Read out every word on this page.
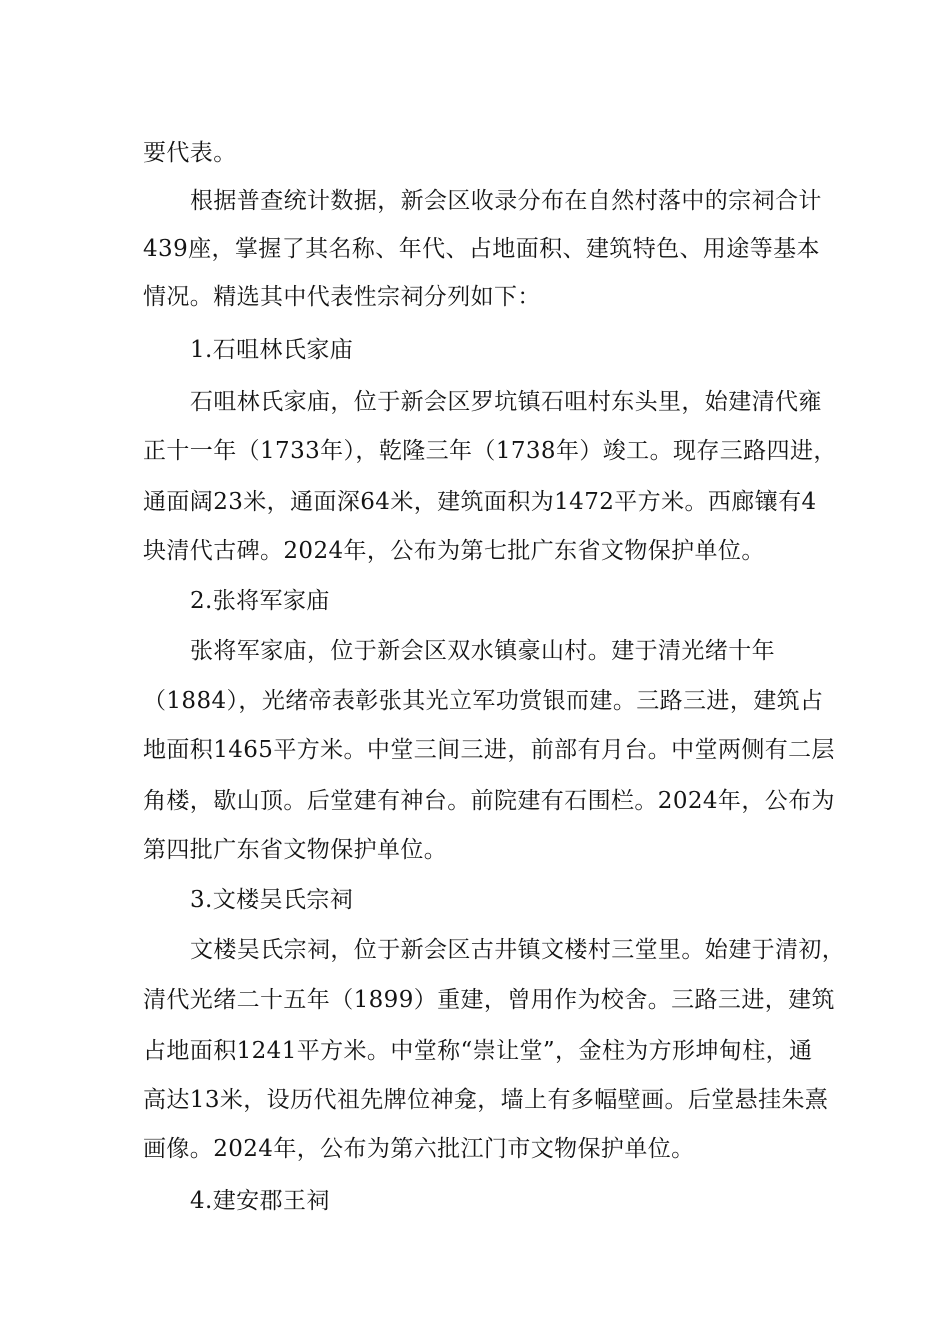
要代表。
根据普查统计数据，新会区收录分布在自然村落中的宗祠合计
439座，掌握了其名称、年代、占地面积、建筑特色、用途等基本
情况。精选其中代表性宗祠分列如下：
1.石咀林氏家庙
石咀林氏家庙，位于新会区罗坑镇石咀村东头里，始建清代雍
正十一年（1733年），乾隆三年（1738年）竣工。现存三路四进，
通面阔23米，通面深64米，建筑面积为1472平方米。西廊镶有4
块清代古碑。2024年，公布为第七批广东省文物保护单位。
2.张将军家庙
张将军家庙，位于新会区双水镇豪山村。建于清光绪十年
（1884），光绪帝表彰张其光立军功赏银而建。三路三进，建筑占
地面积1465平方米。中堂三间三进，前部有月台。中堂两侧有二层
角楼，歇山顶。后堂建有神台。前院建有石围栏。2024年，公布为
第四批广东省文物保护单位。
3.文楼吴氏宗祠
文楼吴氏宗祠，位于新会区古井镇文楼村三堂里。始建于清初，
清代光绪二十五年（1899）重建，曾用作为校舍。三路三进，建筑
占地面积1241平方米。中堂称“崇让堂”，金柱为方形坤甸柱，通
高达13米，设历代祖先牌位神龛，墙上有多幅壁画。后堂悬挂朱熹
画像。2024年，公布为第六批江门市文物保护单位。
4.建安郡王祠
